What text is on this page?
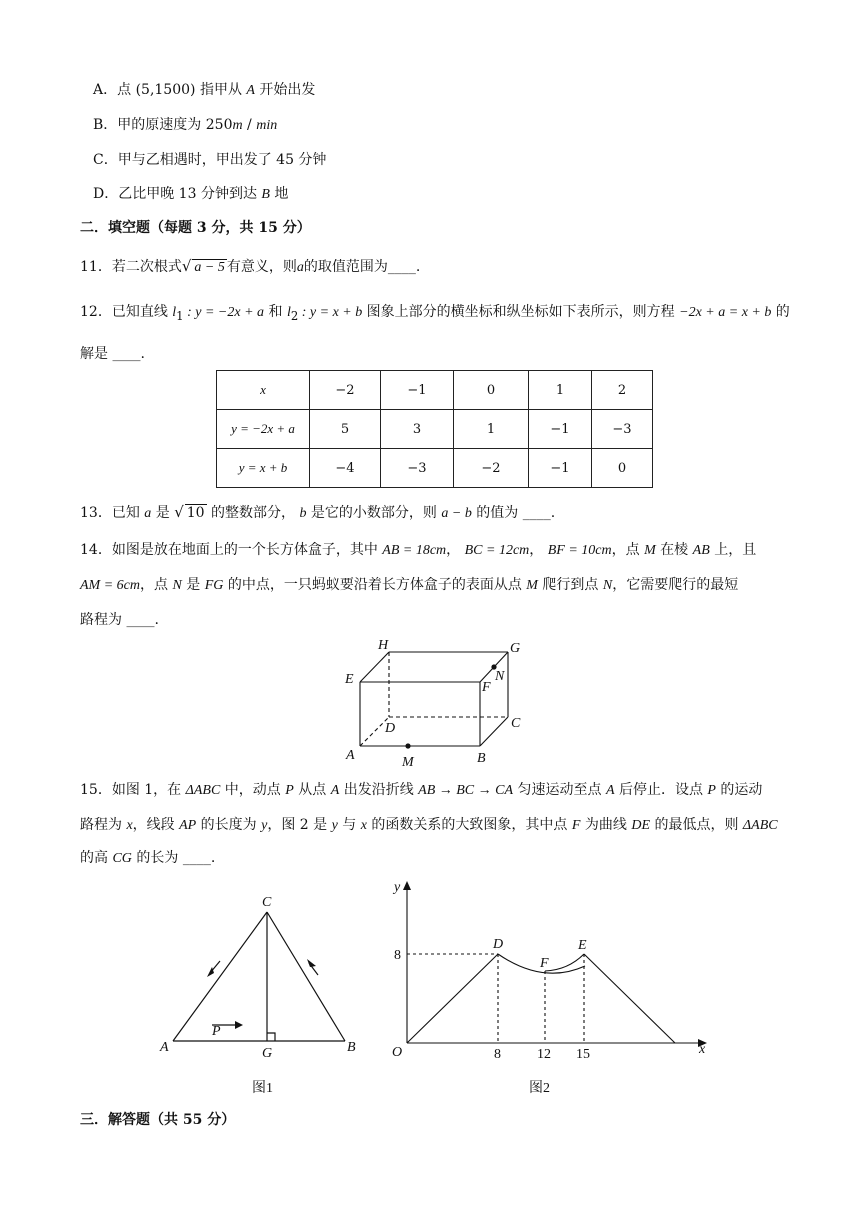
A．点 (5,1500) 指甲从 A 开始出发
B．甲的原速度为 250m / min
C．甲与乙相遇时，甲出发了 45 分钟
D．乙比甲晚 13 分钟到达 B 地
二．填空题（每题 3 分，共 15 分）
11．若二次根式√ a − 5 有意义，则a的取值范围为____.
12．已知直线 $l_1$ : y = −2x + a 和 $l_2$ : y = x + b 图象上部分的横坐标和纵坐标如下表所示，则方程 −2x + a = x + b 的
解是 ____.
x	−2	−1	0	1	2
y = −2x + a	5	3	1	−1	−3
y = x + b	−4	−3	−2	−1	0
13．已知 a 是 √ 10 的整数部分， b 是它的小数部分，则 a − b 的值为 ____.
14．如图是放在地面上的一个长方体盒子，其中 AB = 18cm， BC = 12cm， BF = 10cm，点 M 在棱 AB 上，且
AM = 6cm，点 N 是 FG 的中点，一只蚂蚁要沿着长方体盒子的表面从点 M 爬行到点 N，它需要爬行的最短
路程为 ____.
H	G
E	N
F
D	C
A	M	B
15．如图 1，在 ΔABC 中，动点 P 从点 A 出发沿折线 AB → BC → CA 匀速运动至点 A 后停止．设点 P 的运动
路程为 x，线段 AP 的长度为 y，图 2 是 y 与 x 的函数关系的大致图象，其中点 F 为曲线 DE 的最低点，则 ΔABC
的高 CG 的长为 ____.
C
A
P
G	B
图1
y
8
D
F
E
O	8	12 15	x
图2
三．解答题（共 55 分）
